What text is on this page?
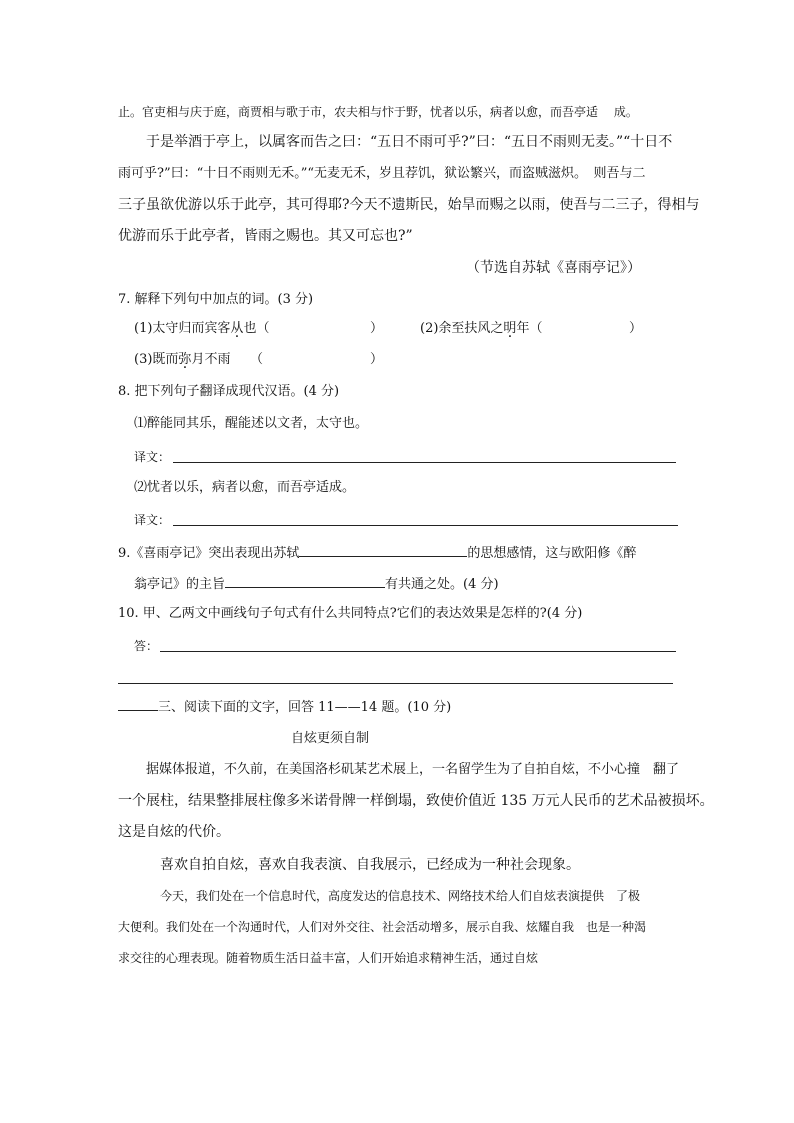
止。官吏相与庆于庭，商贾相与歌于市，农夫相与忭于野，忧者以乐，病者以愈，而吾亭适　 成。
于是举酒于亭上，以属客而告之曰：“五日不雨可乎?”曰：“五日不雨则无麦。”“十日不
雨可乎?”曰：“十日不雨则无禾。”“无麦无禾，岁且荐饥，狱讼繁兴，而盗贼滋炽。　则吾与二
三子虽欲优游以乐于此亭，其可得耶?今天不遗斯民，始旱而赐之以雨，使吾与二三子，得相与
优游而乐于此亭者，皆雨之赐也。其又可忘也?”
（节选自苏轼《喜雨亭记》）
7. 解释下列句中加点的词。(3 分)
(1)太守归而宾客从也（	）	(2)余至扶风之明年（	）
(3)既而弥月不雨　　（	）
8. 把下列句子翻译成现代汉语。(4 分)
⑴醉能同其乐，醒能述以文者，太守也。
译文：
⑵忧者以乐，病者以愈，而吾亭适成。
译文：
9.《喜雨亭记》突出表现出苏轼	的思想感情，这与欧阳修《醉
翁亭记》的主旨	有共通之处。(4 分)
10. 甲、乙两文中画线句子句式有什么共同特点?它们的表达效果是怎样的?(4 分)
答：
三、阅读下面的文字，回答 11——14 题。(10 分)
自炫更须自制
据媒体报道，不久前，在美国洛杉矶某艺术展上，一名留学生为了自拍自炫，不小心撞　翻了
一个展柱，结果整排展柱像多米诺骨牌一样倒塌，致使价值近 135 万元人民币的艺术品被损坏。
这是自炫的代价。
喜欢自拍自炫，喜欢自我表演、自我展示，已经成为一种社会现象。
今天，我们处在一个信息时代，高度发达的信息技术、网络技术给人们自炫表演提供　了极
大便利。我们处在一个沟通时代，人们对外交往、社会活动增多，展示自我、炫耀自我　也是一种渴
求交往的心理表现。随着物质生活日益丰富，人们开始追求精神生活，通过自炫
